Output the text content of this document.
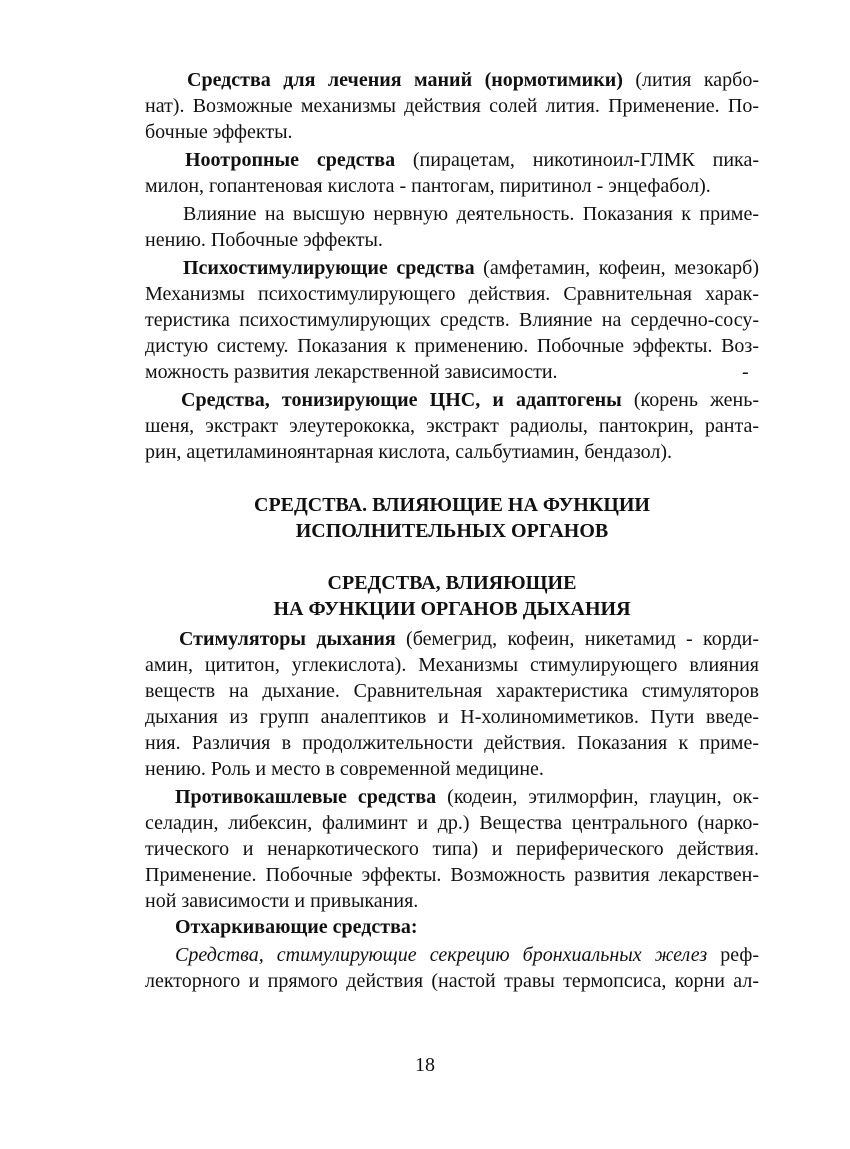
Средства для лечения маний (нормотимики) (лития карбо-
нат). Возможные механизмы действия солей лития. Применение. По-
бочные эффекты.
Ноотропные средства (пирацетам, никотиноил-ГЛМК пика-
милон, гопантеновая кислота - пантогам, пиритинол - энцефабол).
Влияние на высшую нервную деятельность. Показания к приме-
нению. Побочные эффекты.
Психостимулирующие средства (амфетамин, кофеин, мезокарб)
Механизмы психостимулирующего действия. Сравнительная харак-
теристика психостимулирующих средств. Влияние на сердечно-сосу-
дистую систему. Показания к применению. Побочные эффекты. Воз-
можность развития лекарственной зависимости.	-
Средства, тонизирующие ЦНС, и адаптогены (корень жень-
шеня, экстракт элеутерококка, экстракт радиолы, пантокрин, ранта-
рин, ацетиламиноянтарная кислота, сальбутиамин, бендазол).
СРЕДСТВА. ВЛИЯЮЩИЕ НА ФУНКЦИИ
ИСПОЛНИТЕЛЬНЫХ ОРГАНОВ
СРЕДСТВА, ВЛИЯЮЩИЕ
НА ФУНКЦИИ ОРГАНОВ ДЫХАНИЯ
Стимуляторы дыхания (бемегрид, кофеин, никетамид - корди-
амин, цититон, углекислота). Механизмы стимулирующего влияния
веществ на дыхание. Сравнительная характеристика стимуляторов
дыхания из групп аналептиков и Н-холиномиметиков. Пути введе-
ния. Различия в продолжительности действия. Показания к приме-
нению. Роль и место в современной медицине.
Противокашлевые средства (кодеин, этилморфин, глауцин, ок-
селадин, либексин, фалиминт и др.) Вещества центрального (нарко-
тического и ненаркотического типа) и периферического действия.
Применение. Побочные эффекты. Возможность развития лекарствен-
ной зависимости и привыкания.
Отхаркивающие средства:
Средства, стимулирующие секрецию бронхиальных желез реф-
лекторного и прямого действия (настой травы термопсиса, корни ал-
18
